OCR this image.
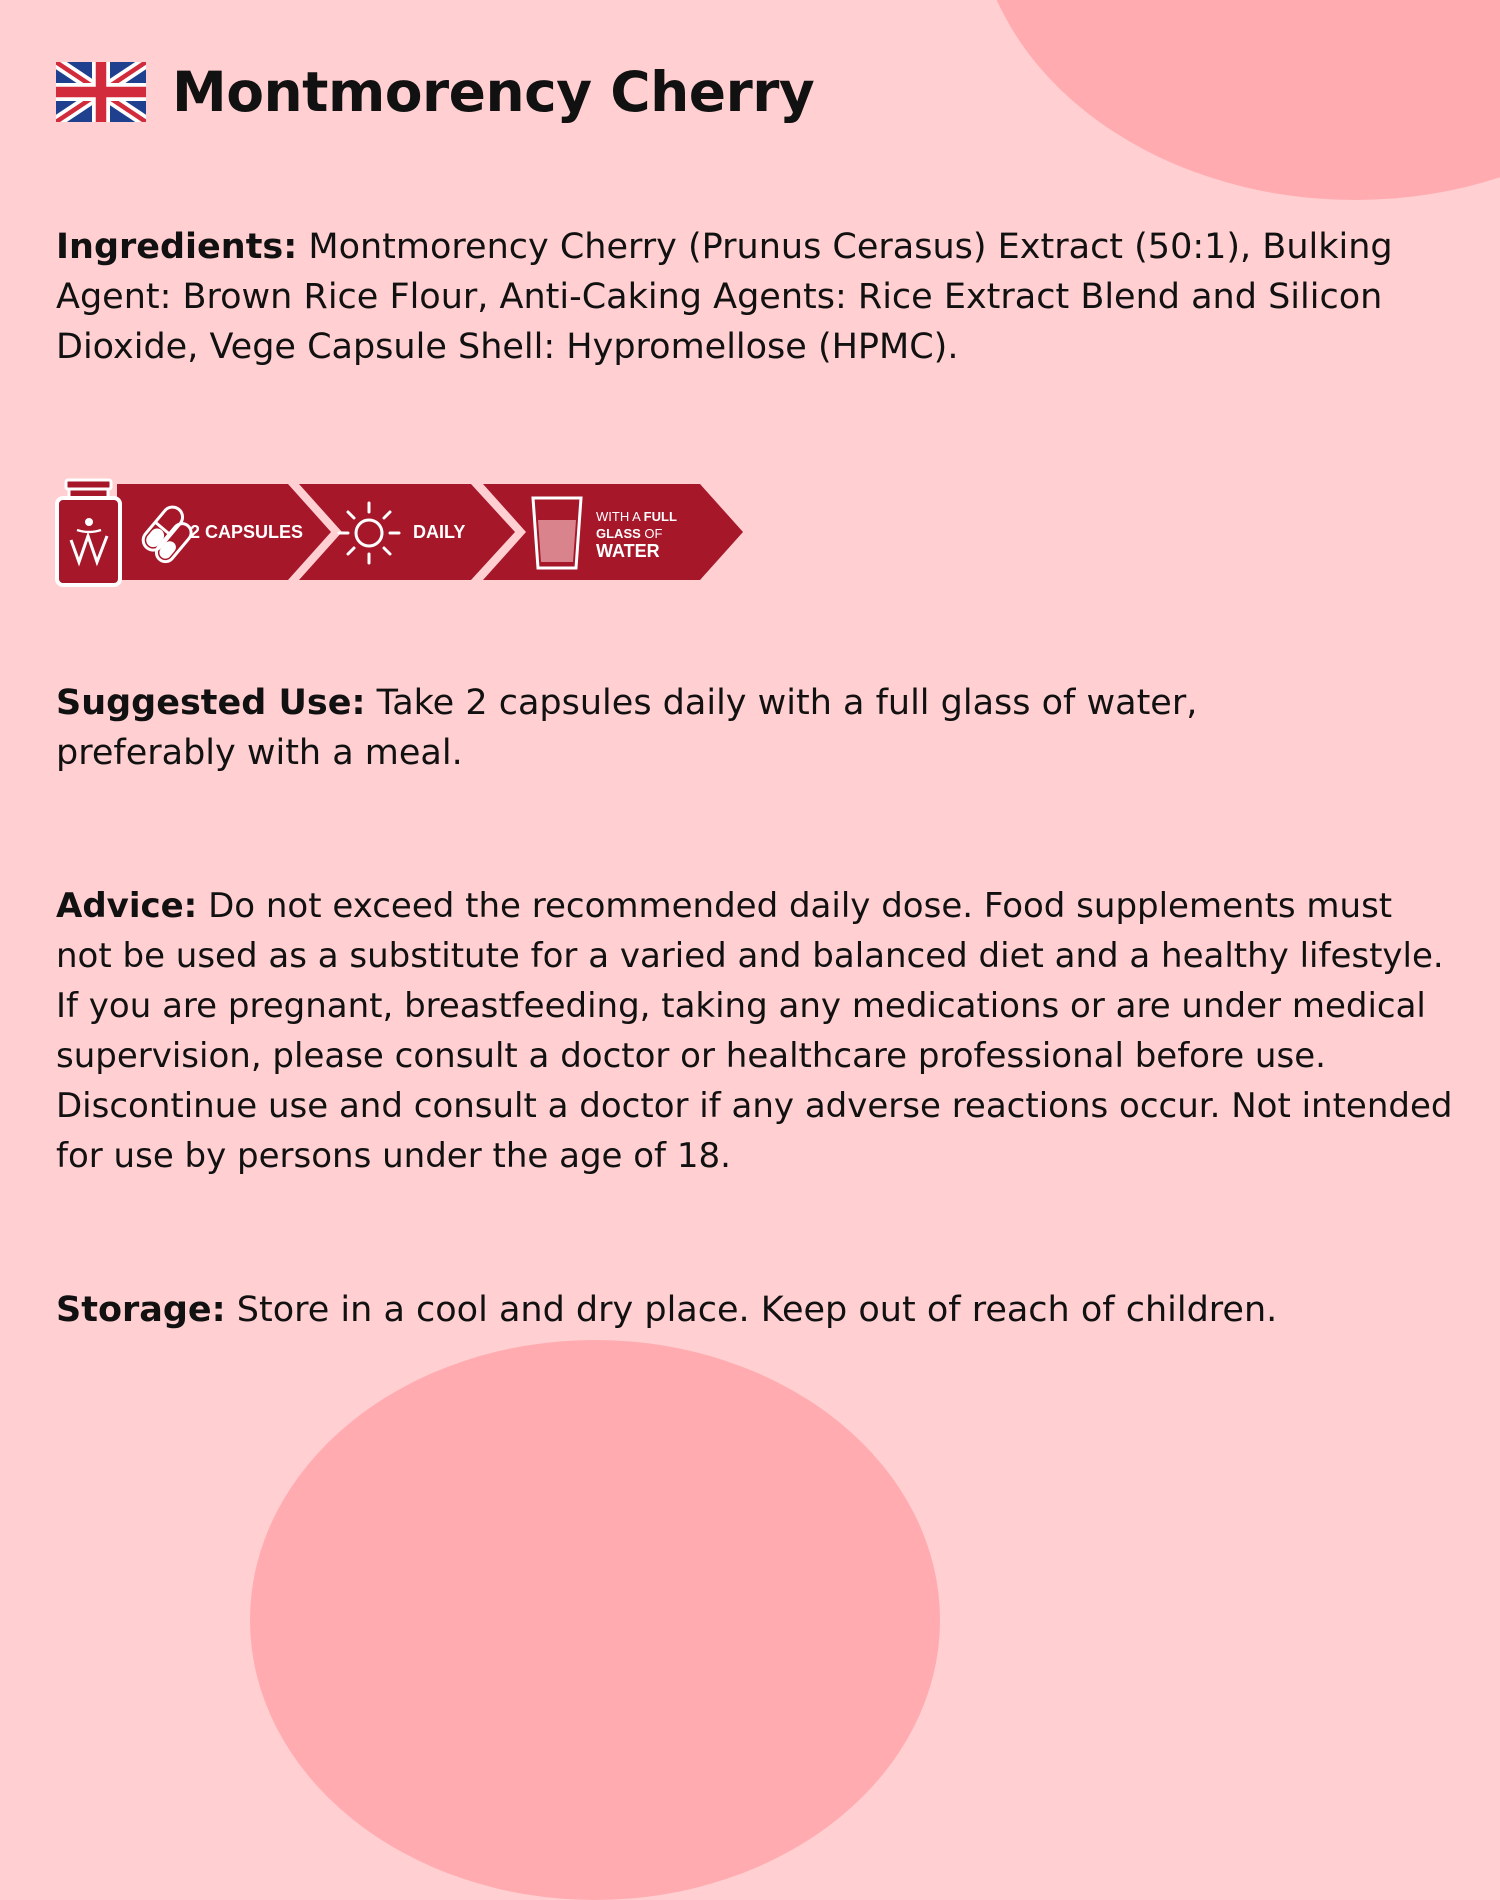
Montmorency Cherry

Ingredients: Montmorency Cherry (Prunus Cerasus) Extract (50:1), Bulking Agent: Brown Rice Flour, Anti-Caking Agents: Rice Extract Blend and Silicon Dioxide, Vege Capsule Shell: Hypromellose (HPMC).

2 CAPSULES	DAILY
WITH A FULL
GLASS OF
WATER

Suggested Use: Take 2 capsules daily with a full glass of water, preferably with a meal.

Advice: Do not exceed the recommended daily dose. Food supplements must not be used as a substitute for a varied and balanced diet and a healthy lifestyle. If you are pregnant, breastfeeding, taking any medications or are under medical supervision, please consult a doctor or healthcare professional before use. Discontinue use and consult a doctor if any adverse reactions occur. Not intended for use by persons under the age of 18.

Storage: Store in a cool and dry place. Keep out of reach of children.
